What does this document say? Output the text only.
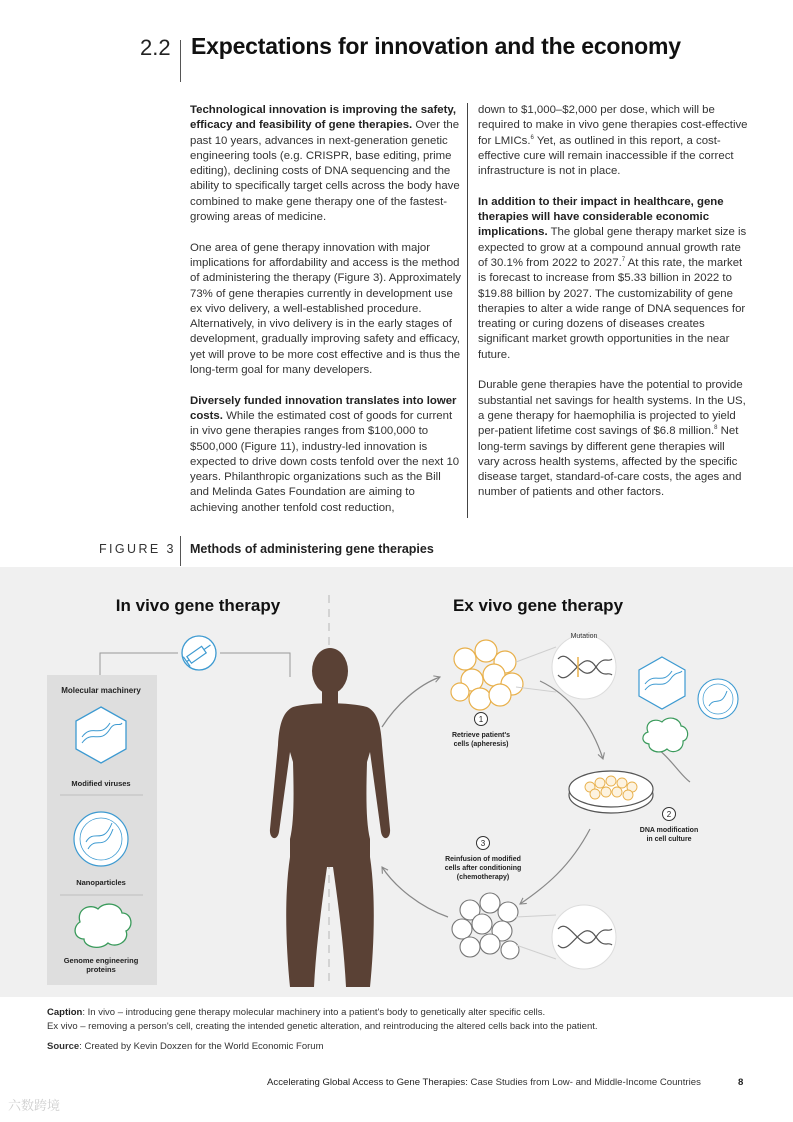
2.2 Expectations for innovation and the economy

Technological innovation is improving the safety, efficacy and feasibility of gene therapies. Over the past 10 years, advances in next-generation genetic engineering tools (e.g. CRISPR, base editing, prime editing), declining costs of DNA sequencing and the ability to specifically target cells across the body have combined to make gene therapy one of the fastest-growing areas of medicine.

One area of gene therapy innovation with major implications for affordability and access is the method of administering the therapy (Figure 3). Approximately 73% of gene therapies currently in development use ex vivo delivery, a well-established procedure. Alternatively, in vivo delivery is in the early stages of development, gradually improving safety and efficacy, yet will prove to be more cost effective and is thus the long-term goal for many developers.

Diversely funded innovation translates into lower costs. While the estimated cost of goods for current in vivo gene therapies ranges from $100,000 to $500,000 (Figure 11), industry-led innovation is expected to drive down costs tenfold over the next 10 years. Philanthropic organizations such as the Bill and Melinda Gates Foundation are aiming to achieving another tenfold cost reduction,

down to $1,000–$2,000 per dose, which will be required to make in vivo gene therapies cost-effective for LMICs.$^6$ Yet, as outlined in this report, a cost-effective cure will remain inaccessible if the correct infrastructure is not in place.

In addition to their impact in healthcare, gene therapies will have considerable economic implications. The global gene therapy market size is expected to grow at a compound annual growth rate of 30.1% from 2022 to 2027.$^7$ At this rate, the market is forecast to increase from $5.33 billion in 2022 to $19.88 billion by 2027. The customizability of gene therapies to alter a wide range of DNA sequences for treating or curing dozens of diseases creates significant market growth opportunities in the near future.

Durable gene therapies have the potential to provide substantial net savings for health systems. In the US, a gene therapy for haemophilia is projected to yield per-patient lifetime cost savings of $6.8 million.$^8$ Net long-term savings by different gene therapies will vary across health systems, affected by the specific disease target, standard-of-care costs, the ages and number of patients and other factors.

FIGURE 3 Methods of administering gene therapies
In vivo gene therapy	Ex vivo gene therapy
Molecular machinery
Modified viruses
Nanoparticles
Genome engineering
proteins
Mutation
1
Retrieve patient's
cells (apheresis)
2
DNA modification
in cell culture
3
Reinfusion of modified
cells after conditioning
(chemotherapy)
Caption: In vivo – introducing gene therapy molecular machinery into a patient's body to genetically alter specific cells.
Ex vivo – removing a person's cell, creating the intended genetic alteration, and reintroducing the altered cells back into the patient.
Source: Created by Kevin Doxzen for the World Economic Forum
Accelerating Global Access to Gene Therapies: Case Studies from Low- and Middle-Income Countries	8
六数跨境
